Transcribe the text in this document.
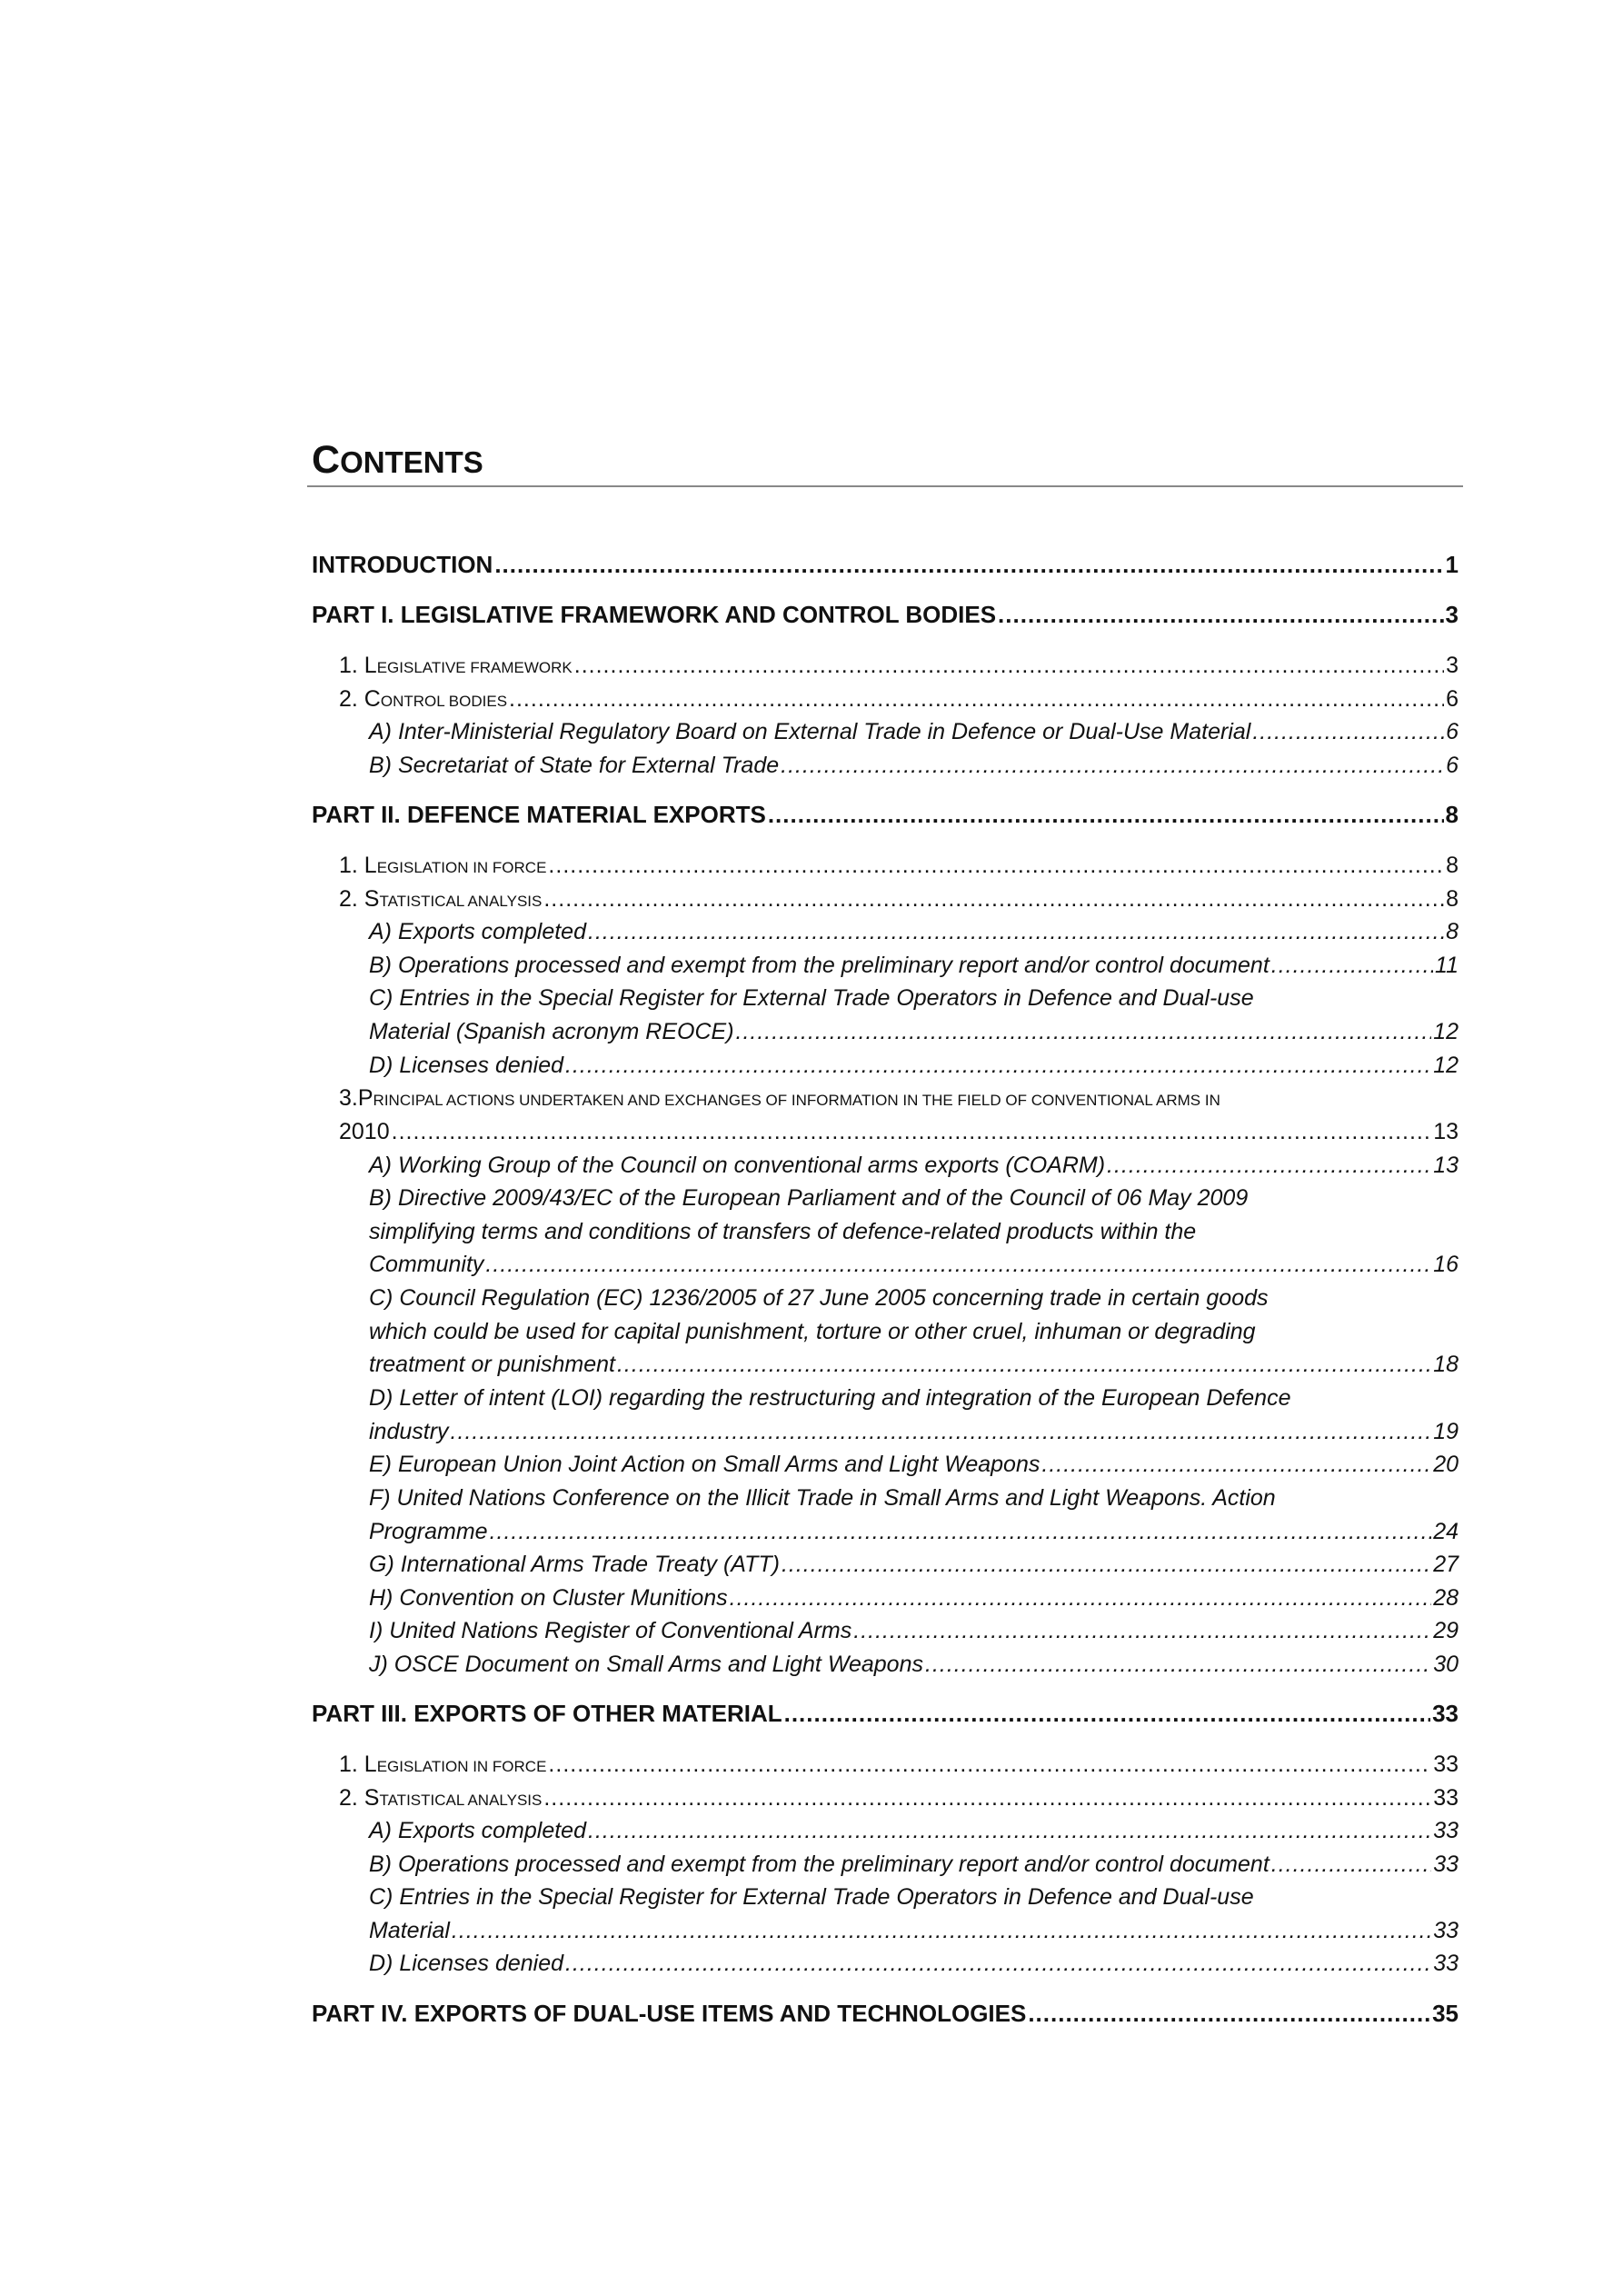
CONTENTS
INTRODUCTION .....	1
PART I. LEGISLATIVE FRAMEWORK AND CONTROL BODIES .....	3
1. LEGISLATIVE FRAMEWORK .....	3
2. CONTROL BODIES .....	6
A) Inter-Ministerial Regulatory Board on External Trade in Defence or Dual-Use Material .....	6
B) Secretariat of State for External Trade .....	6
PART II. DEFENCE MATERIAL EXPORTS .....	8
1. LEGISLATION IN FORCE .....	8
2. STATISTICAL ANALYSIS .....	8
A) Exports completed .....	8
B) Operations processed and exempt from the preliminary report and/or control document .....	11
C) Entries in the Special Register for External Trade Operators in Defence and Dual-use
Material (Spanish acronym REOCE) .....	12
D) Licenses denied .....	12
3. P RINCIPAL ACTIONS UNDERTAKEN AND EXCHANGES OF INFORMATION IN THE FIELD OF CONVENTIONAL ARMS IN
2010 .....	13
A) Working Group of the Council on conventional arms exports (COARM) .....	13
B) Directive 2009/43/EC of the European Parliament and of the Council of 06 May 2009
simplifying terms and conditions of transfers of defence-related products within the
Community .....	16
C) Council Regulation (EC) 1236/2005 of 27 June 2005 concerning trade in certain goods
which could be used for capital punishment, torture or other cruel, inhuman or degrading
treatment or punishment .....	18
D) Letter of intent (LOI) regarding the restructuring and integration of the European Defence
industry .....	19
E) European Union Joint Action on Small Arms and Light Weapons .....	20
F) United Nations Conference on the Illicit Trade in Small Arms and Light Weapons. Action
Programme .....	24
G) International Arms Trade Treaty (ATT) .....	27
H) Convention on Cluster Munitions .....	28
I) United Nations Register of Conventional Arms .....	29
J) OSCE Document on Small Arms and Light Weapons .....	30
PART III. EXPORTS OF OTHER MATERIAL .....	33
1. LEGISLATION IN FORCE .....	33
2. STATISTICAL ANALYSIS .....	33
A) Exports completed .....	33
B) Operations processed and exempt from the preliminary report and/or control document .....	33
C) Entries in the Special Register for External Trade Operators in Defence and Dual-use
Material .....	33
D) Licenses denied .....	33
PART IV. EXPORTS OF DUAL-USE ITEMS AND TECHNOLOGIES .....	35
